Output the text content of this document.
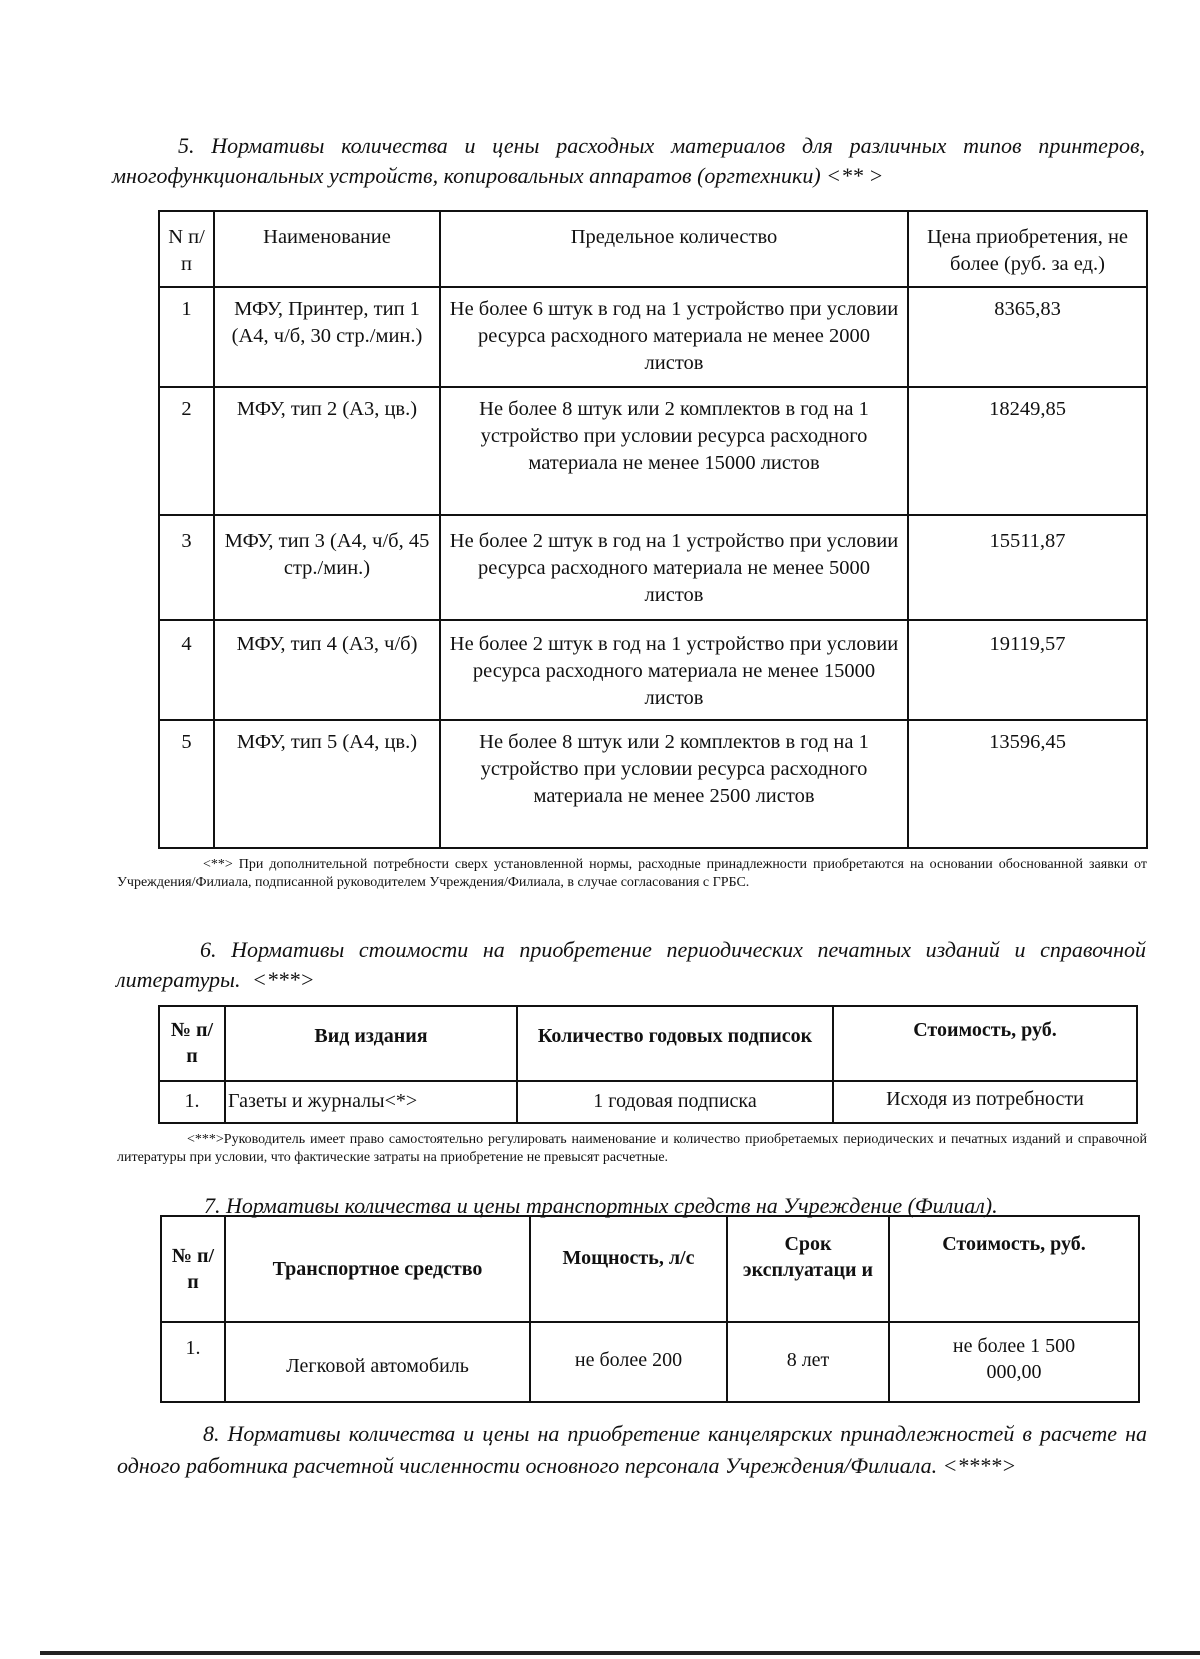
5. Нормативы количества и цены расходных материалов для различных типов принтеров, многофункциональных устройств, копировальных аппаратов (оргтехники) <** >
N п/п	Наименование	Предельное количество	Цена приобретения, не более (руб. за ед.)
1	МФУ, Принтер, тип 1 (А4, ч/б, 30 стр./мин.)	Не более 6 штук в год на 1 устройство при условии ресурса расходного материала не менее 2000 листов	8365,83
2	МФУ, тип 2 (А3, цв.)	Не более 8 штук или 2 комплектов в год на 1 устройство при условии ресурса расходного материала не менее 15000 листов	18249,85
3	МФУ, тип 3 (А4, ч/б, 45 стр./мин.)	Не более 2 штук в год на 1 устройство при условии ресурса расходного материала не менее 5000 листов	15511,87
4	МФУ, тип 4 (А3, ч/б)	Не более 2 штук в год на 1 устройство при условии ресурса расходного материала не менее 15000 листов	19119,57
5	МФУ, тип 5 (А4, цв.)	Не более 8 штук или 2 комплектов в год на 1 устройство при условии ресурса расходного материала не менее 2500 листов	13596,45
<**> При дополнительной потребности сверх установленной нормы, расходные принадлежности приобретаются на основании обоснованной заявки от Учреждения/Филиала, подписанной руководителем Учреждения/Филиала, в случае согласования с ГРБС.
6. Нормативы стоимости на приобретение периодических печатных изданий и справочной литературы. <***>
№ п/п	Вид издания	Количество годовых подписок	Стоимость, руб.
1.	Газеты и журналы<*>	1 годовая подписка	Исходя из потребности
<***>Руководитель имеет право самостоятельно регулировать наименование и количество приобретаемых периодических и печатных изданий и справочной литературы при условии, что фактические затраты на приобретение не превысят расчетные.
7. Нормативы количества и цены транспортных средств на Учреждение (Филиал).
№ п/п	Транспортное средство	Мощность, л/с	Срок эксплуатаци и	Стоимость, руб.
1.	Легковой автомобиль	не более 200	8 лет	не более 1 500 000,00
8. Нормативы количества и цены на приобретение канцелярских принадлежностей в расчете на одного работника расчетной численности основного персонала Учреждения/Филиала. <****>
